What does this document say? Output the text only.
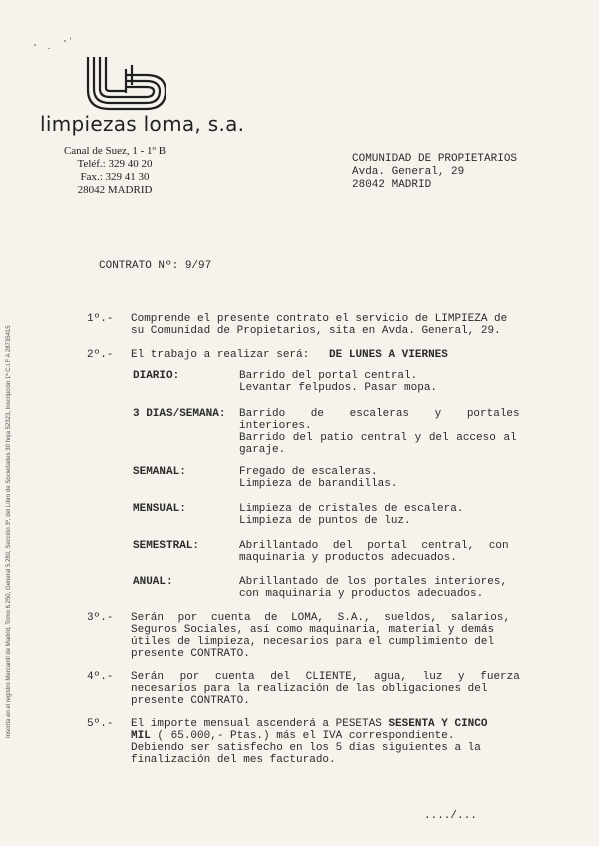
limpiezas loma, s.a.
Canal de Suez, 1 - 1º B
Teléf.: 329 40 20
Fax.: 329 41 30
28042 MADRID
COMUNIDAD DE PROPIETARIOS
Avda. General, 29
28042 MADRID
CONTRATO Nº: 9/97
Inscrita en el registro Mercantil de Madrid, Tomo 6.250, General 5.280, Sección 3ª, del Libro de Sociedades 30 hoja 52323, Inscripción 1ª C.I.F A 28735415
1º.- Comprende el presente contrato el servicio de LIMPIEZA de
su Comunidad de Propietarios, sita en Avda. General, 29.
2º.- El trabajo a realizar será: DE LUNES A VIERNES
DIARIO:	Barrido del portal central.
Levantar felpudos. Pasar mopa.
3 DIAS/SEMANA: Barrido de escaleras y portales
interiores.
Barrido del patio central y del acceso al
garaje.
SEMANAL:	Fregado de escaleras.
Limpieza de barandillas.
MENSUAL:	Limpieza de cristales de escalera.
Limpieza de puntos de luz.
SEMESTRAL:	Abrillantado del portal central, con
maquinaria y productos adecuados.
ANUAL:	Abrillantado de los portales interiores,
con maquinaria y productos adecuados.
3º.- Serán por cuenta de LOMA, S.A., sueldos, salarios,
Seguros Sociales, así como maquinaria, material y demás
útiles de limpieza, necesarios para el cumplimiento del
presente CONTRATO.
4º.- Serán por cuenta del CLIENTE, agua, luz y fuerza
necesarios para la realización de las obligaciones del
presente CONTRATO.
5º.- El importe mensual ascenderá a PESETAS SESENTA Y CINCO
MIL ( 65.000,- Ptas.) más el IVA correspondiente.
Debiendo ser satisfecho en los 5 días siguientes a la
finalización del mes facturado.
..../...
